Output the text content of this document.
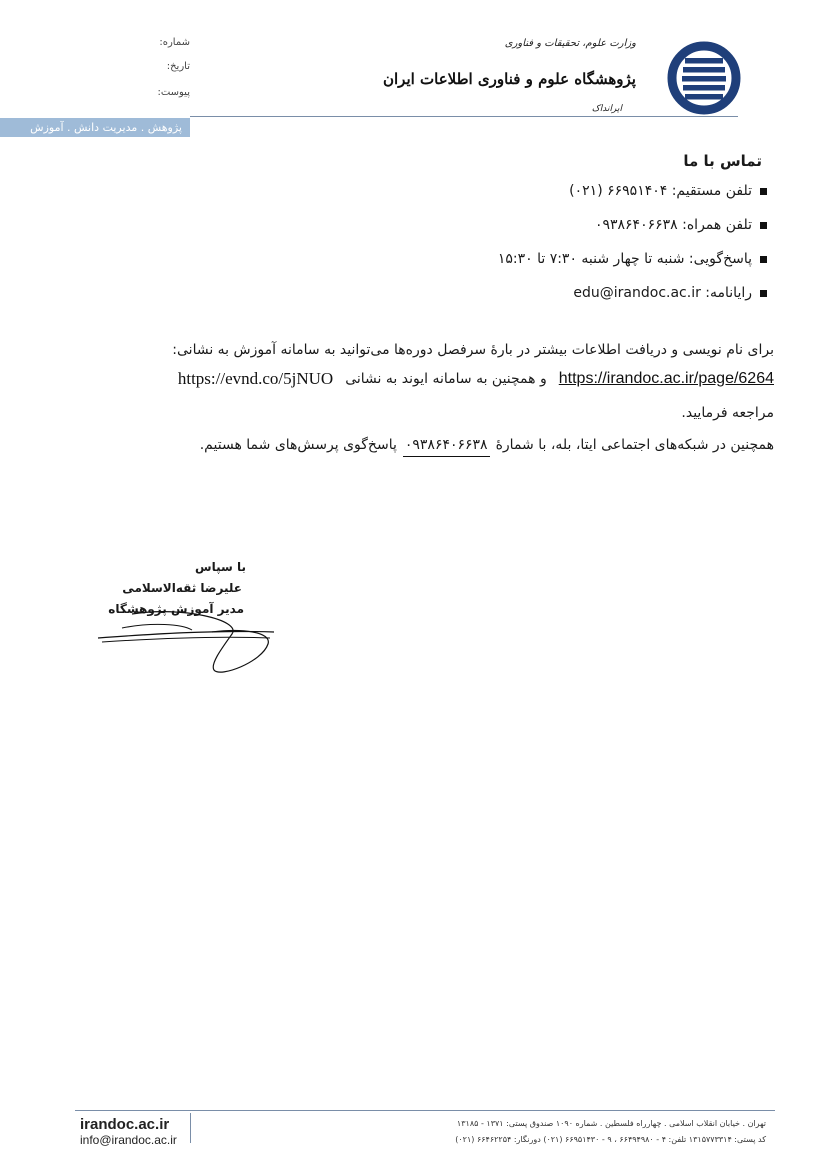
شماره:
تاریخ:
پیوست:
وزارت علوم، تحقیقات و فناوری
پژوهشگاه علوم و فناوری اطلاعات ایران
ایرانداک
پژوهش . مدیریت دانش . آموزش
تماس با ما
تلفن مستقیم: ۶۶۹۵۱۴۰۴ (۰۲۱)
تلفن همراه: ۰۹۳۸۶۴۰۶۶۳۸
پاسخ‌گویی: شنبه تا چهار شنبه ۷:۳۰ تا ۱۵:۳۰
رایانامه: edu@irandoc.ac.ir
برای نام نویسی و دریافت اطلاعات بیشتر در بارهٔ سرفصل دوره‌ها می‌توانید به سامانه آموزش به نشانی:
https://irandoc.ac.ir/page/6264
و همچنین به سامانه ایوند به نشانی
https://evnd.co/5jNUO
مراجعه فرمایید.
همچنین در شبکه‌های اجتماعی ایتا، بله، با شمارهٔ
۰۹۳۸۶۴۰۶۶۳۸
پاسخ‌گوی پرسش‌های شما هستیم.
با سپاس
علیرضا ثقه‌الاسلامی
مدیر آموزش پژوهشگاه
irandoc.ac.ir
info@irandoc.ac.ir
تهران . خیابان انقلاب اسلامی . چهارراه فلسطین . شماره ۱۰۹۰ صندوق پستی: ۱۳۷۱ - ۱۳۱۸۵
کد پستی: ۱۳۱۵۷۷۳۳۱۴ تلفن: ۴ - ۶۶۴۹۴۹۸۰ ، ۹ - ۶۶۹۵۱۴۳۰ (۰۲۱) دورنگار: ۶۶۴۶۲۲۵۴ (۰۲۱)
